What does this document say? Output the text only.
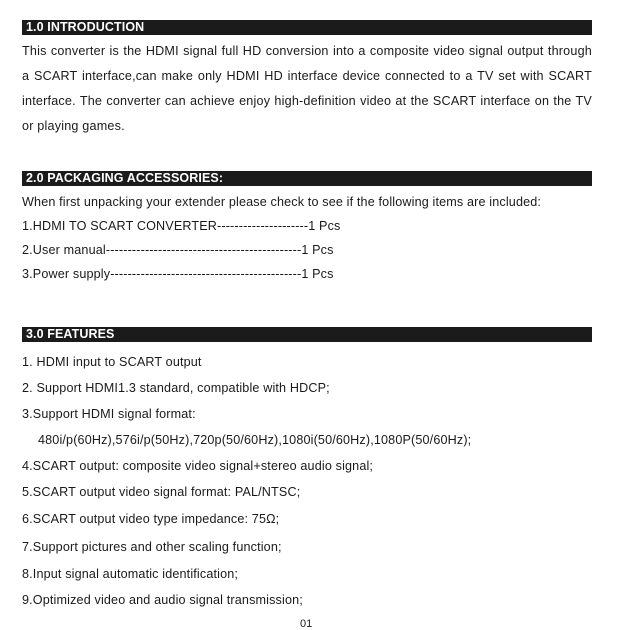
1.0 INTRODUCTION
This converter is the HDMI signal full HD conversion into a composite video signal output through a SCART interface,can make only HDMI HD interface device connected to a TV set with SCART interface. The converter can achieve enjoy high-definition video at the SCART interface on the TV or playing games.
2.0 PACKAGING ACCESSORIES:
When first unpacking your extender please check to see if the following items are included:
1.HDMI TO SCART CONVERTER---------------------1 Pcs
2.User manual---------------------------------------------1 Pcs
3.Power supply--------------------------------------------1 Pcs
3.0 FEATURES
1. HDMI input to SCART output
2. Support HDMI1.3 standard, compatible with HDCP;
3.Support HDMI signal format:
480i/p(60Hz),576i/p(50Hz),720p(50/60Hz),1080i(50/60Hz),1080P(50/60Hz);
4.SCART output: composite video signal+stereo audio signal;
5.SCART output video signal format: PAL/NTSC;
6.SCART output video type impedance: 75Ω;
7.Support pictures and other scaling function;
8.Input signal automatic identification;
9.Optimized video and audio signal transmission;
01
